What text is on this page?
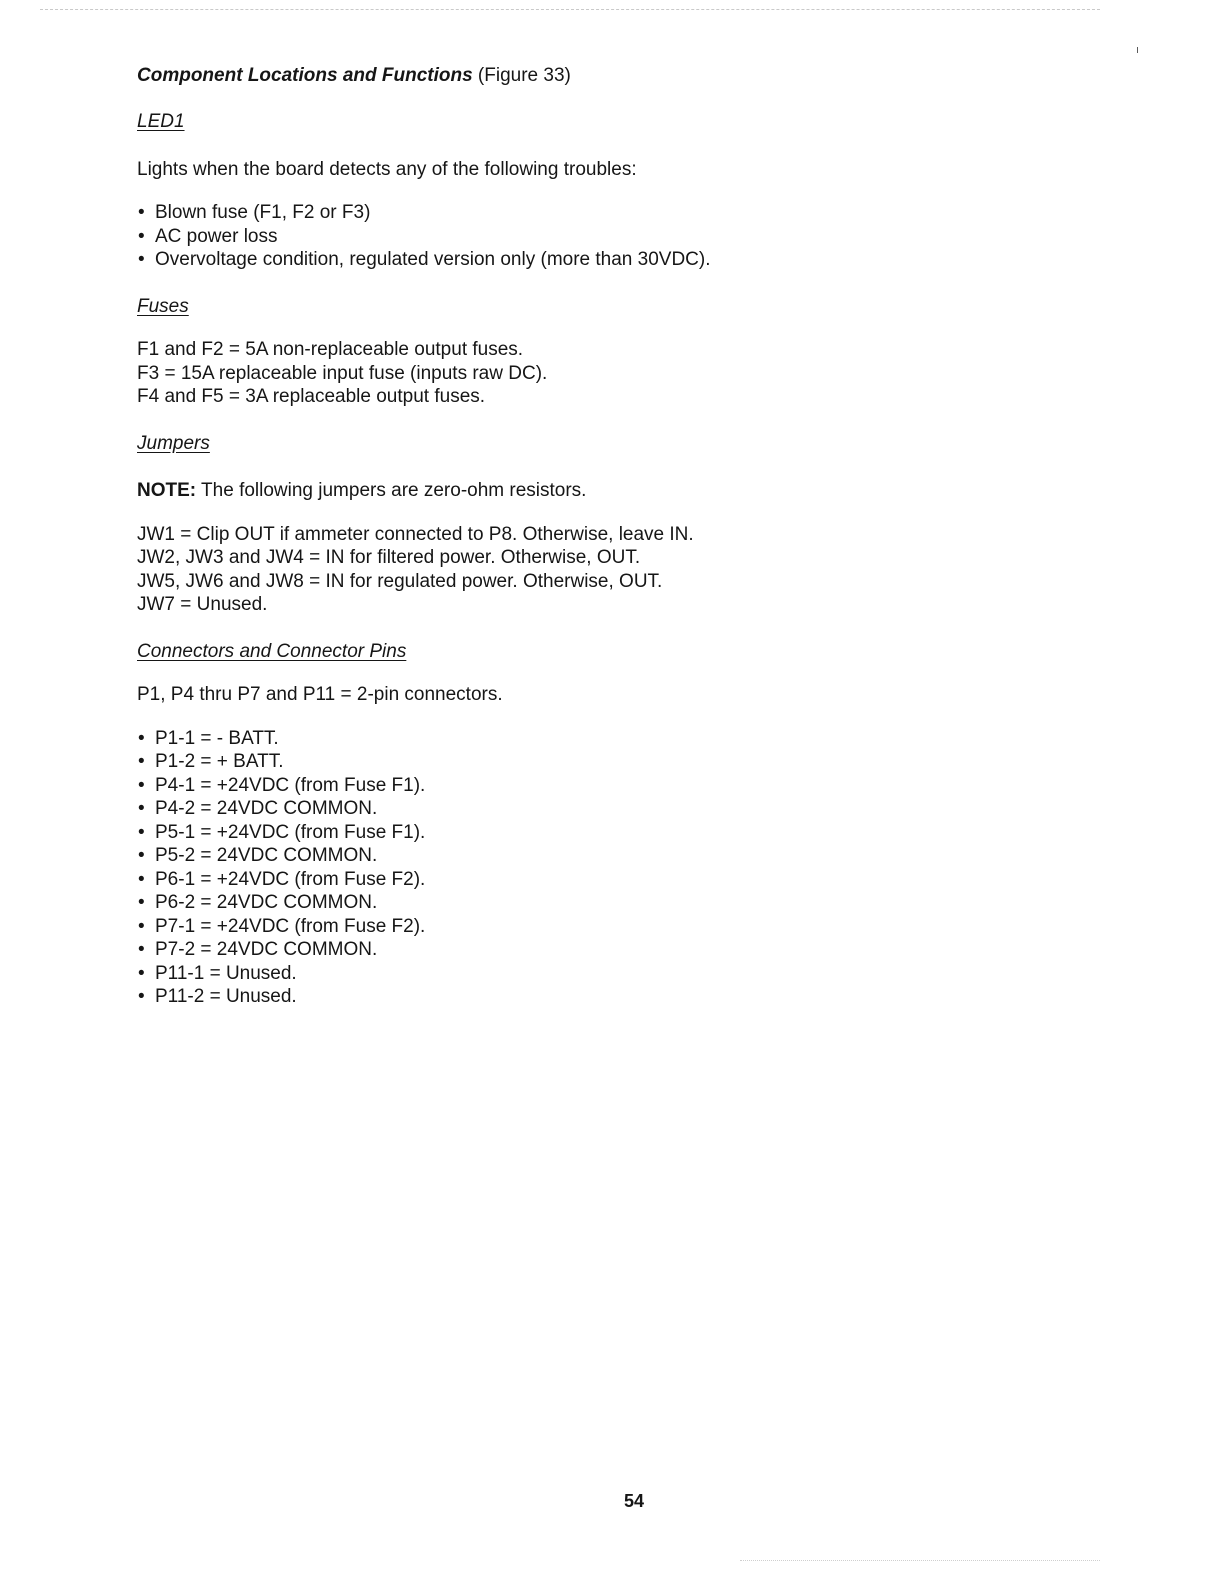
ı

Component Locations and Functions (Figure 33)

LED1

Lights when the board detects any of the following troubles:

• Blown fuse (F1, F2 or F3)
• AC power loss
• Overvoltage condition, regulated version only (more than 30VDC).

Fuses

F1 and F2 = 5A non-replaceable output fuses.
F3 = 15A replaceable input fuse (inputs raw DC).
F4 and F5 = 3A replaceable output fuses.

Jumpers

NOTE: The following jumpers are zero-ohm resistors.

JW1 = Clip OUT if ammeter connected to P8. Otherwise, leave IN.
JW2, JW3 and JW4 = IN for filtered power. Otherwise, OUT.
JW5, JW6 and JW8 = IN for regulated power. Otherwise, OUT.
JW7 = Unused.

Connectors and Connector Pins

P1, P4 thru P7 and P11 = 2-pin connectors.

• P1-1 = - BATT.
• P1-2 = + BATT.
• P4-1 = +24VDC (from Fuse F1).
• P4-2 = 24VDC COMMON.
• P5-1 = +24VDC (from Fuse F1).
• P5-2 = 24VDC COMMON.
• P6-1 = +24VDC (from Fuse F2).
• P6-2 = 24VDC COMMON.
• P7-1 = +24VDC (from Fuse F2).
• P7-2 = 24VDC COMMON.
• P11-1 = Unused.
• P11-2 = Unused.
54
